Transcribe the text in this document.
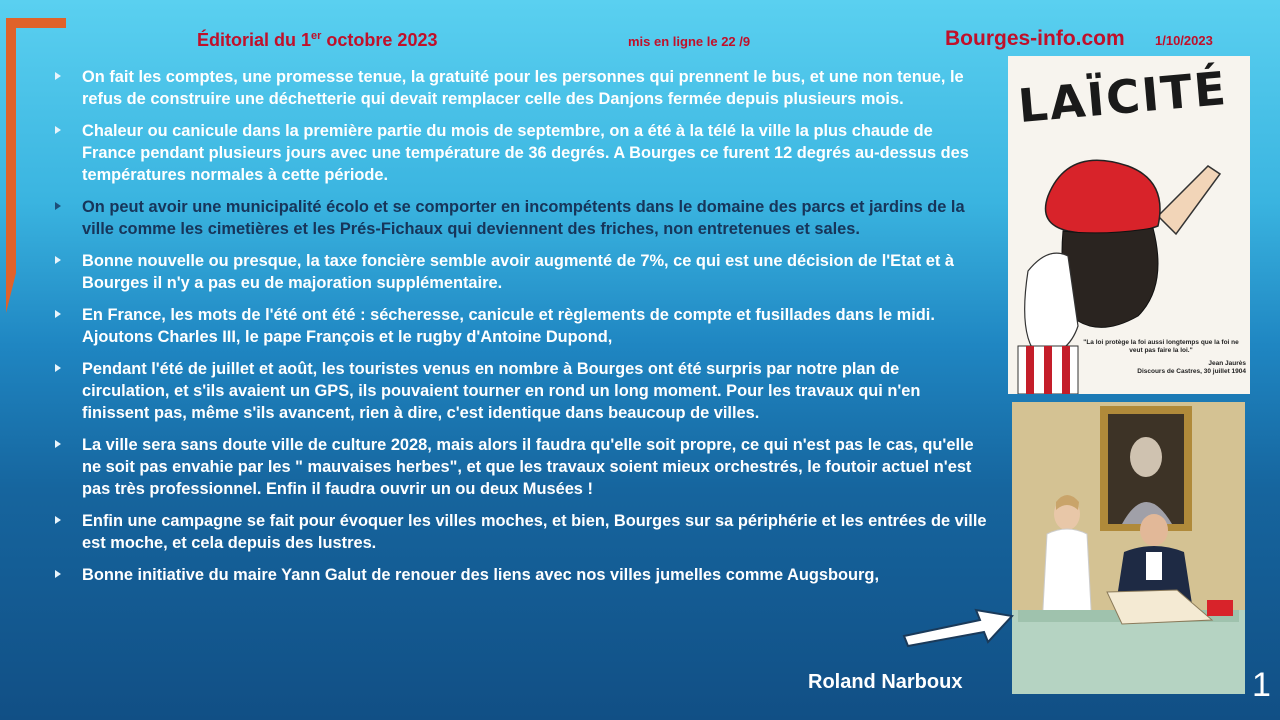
Éditorial du 1er octobre 2023	mis en ligne le 22 /9	Bourges-info.com 1/10/2023
On fait les comptes, une promesse tenue, la gratuité pour les personnes qui prennent le bus, et une non tenue, le refus de construire une déchetterie qui devait remplacer celle des Danjons fermée depuis plusieurs mois.
Chaleur ou canicule dans la première partie du mois de septembre, on a été à la télé la ville la plus chaude de France pendant plusieurs jours avec une température de 36 degrés. A Bourges ce furent 12 degrés au-dessus des températures normales à cette période.
On peut avoir une municipalité écolo et se comporter en incompétents dans le domaine des parcs et jardins de la ville comme les cimetières et les Prés-Fichaux qui deviennent des friches, non entretenues et sales.
Bonne nouvelle ou presque, la taxe foncière semble avoir augmenté de 7%, ce qui est une décision de l'Etat et à Bourges il n'y a pas eu de majoration supplémentaire.
En France, les mots de l'été ont été : sécheresse, canicule et règlements de compte et fusillades dans le midi. Ajoutons Charles III, le pape François et le rugby d'Antoine Dupond,
Pendant l'été de juillet et août, les touristes venus en nombre à Bourges ont été surpris par notre plan de circulation, et s'ils avaient un GPS, ils pouvaient tourner en rond un long moment. Pour les travaux qui n'en finissent pas, même s'ils avancent, rien à dire, c'est identique dans beaucoup de villes.
La ville sera sans doute ville de culture 2028, mais alors il faudra qu'elle soit propre, ce qui n'est pas le cas, qu'elle ne soit pas envahie par les " mauvaises herbes", et que les travaux soient mieux orchestrés, le foutoir actuel n'est pas très professionnel. Enfin il faudra ouvrir un ou deux Musées !
Enfin une campagne se fait pour évoquer les villes moches, et bien, Bourges sur sa périphérie et les entrées de ville est moche, et cela depuis des lustres.
Bonne initiative du maire Yann Galut de renouer des liens avec nos villes jumelles comme Augsbourg,
LAÏCITÉ
"La loi protège la foi aussi longtemps que la foi ne veut pas faire la loi."
Jean Jaurès
Discours de Castres, 30 juillet 1904
Roland Narboux	1
